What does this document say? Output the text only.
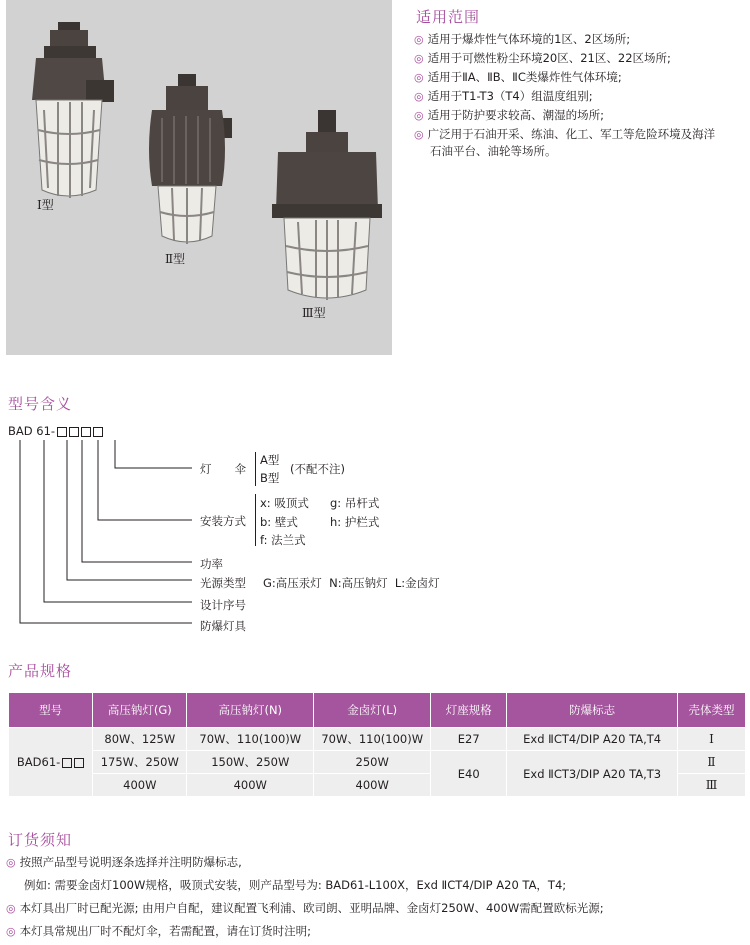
Ⅰ型
Ⅱ型
Ⅲ型
适用范围
◎ 适用于爆炸性气体环境的1区、2区场所;
◎ 适用于可燃性粉尘环境20区、21区、22区场所;
◎ 适用于ⅡA、ⅡB、ⅡC类爆炸性气体环境;
◎ 适用于T1-T3（T4）组温度组别;
◎ 适用于防护要求较高、潮湿的场所;
◎ 广泛用于石油开采、练油、化工、军工等危险环境及海洋
石油平台、油轮等场所。
型号含义
BAD 61-
灯　　伞
A型
B型
(不配不注)
安装方式
x: 吸顶式 g: 吊杆式
b: 壁式	h: 护栏式
f: 法兰式
功率
光源类型 G:高压汞灯  N:高压钠灯  L:金卤灯
设计序号
防爆灯具
产品规格
型号	高压钠灯(G)	高压钠灯(N)	金卤灯(L)	灯座规格	防爆标志	壳体类型
BAD61-	80W、125W	70W、110(100)W	70W、110(100)W	E27	Exd ⅡCT4/DIP A20 TA,T4	Ⅰ
	175W、250W	150W、250W	250W	E40	Exd ⅡCT3/DIP A20 TA,T3	Ⅱ
	400W	400W	400W			Ⅲ
订货须知
◎ 按照产品型号说明逐条选择并注明防爆标志,
例如: 需要金卤灯100W规格，吸顶式安装，则产品型号为: BAD61-L100X，Exd ⅡCT4/DIP A20 TA，T4;
◎ 本灯具出厂时已配光源; 由用户自配，建议配置飞利浦、欧司朗、亚明品牌、金卤灯250W、400W需配置欧标光源;
◎ 本灯具常规出厂时不配灯伞，若需配置，请在订货时注明;
